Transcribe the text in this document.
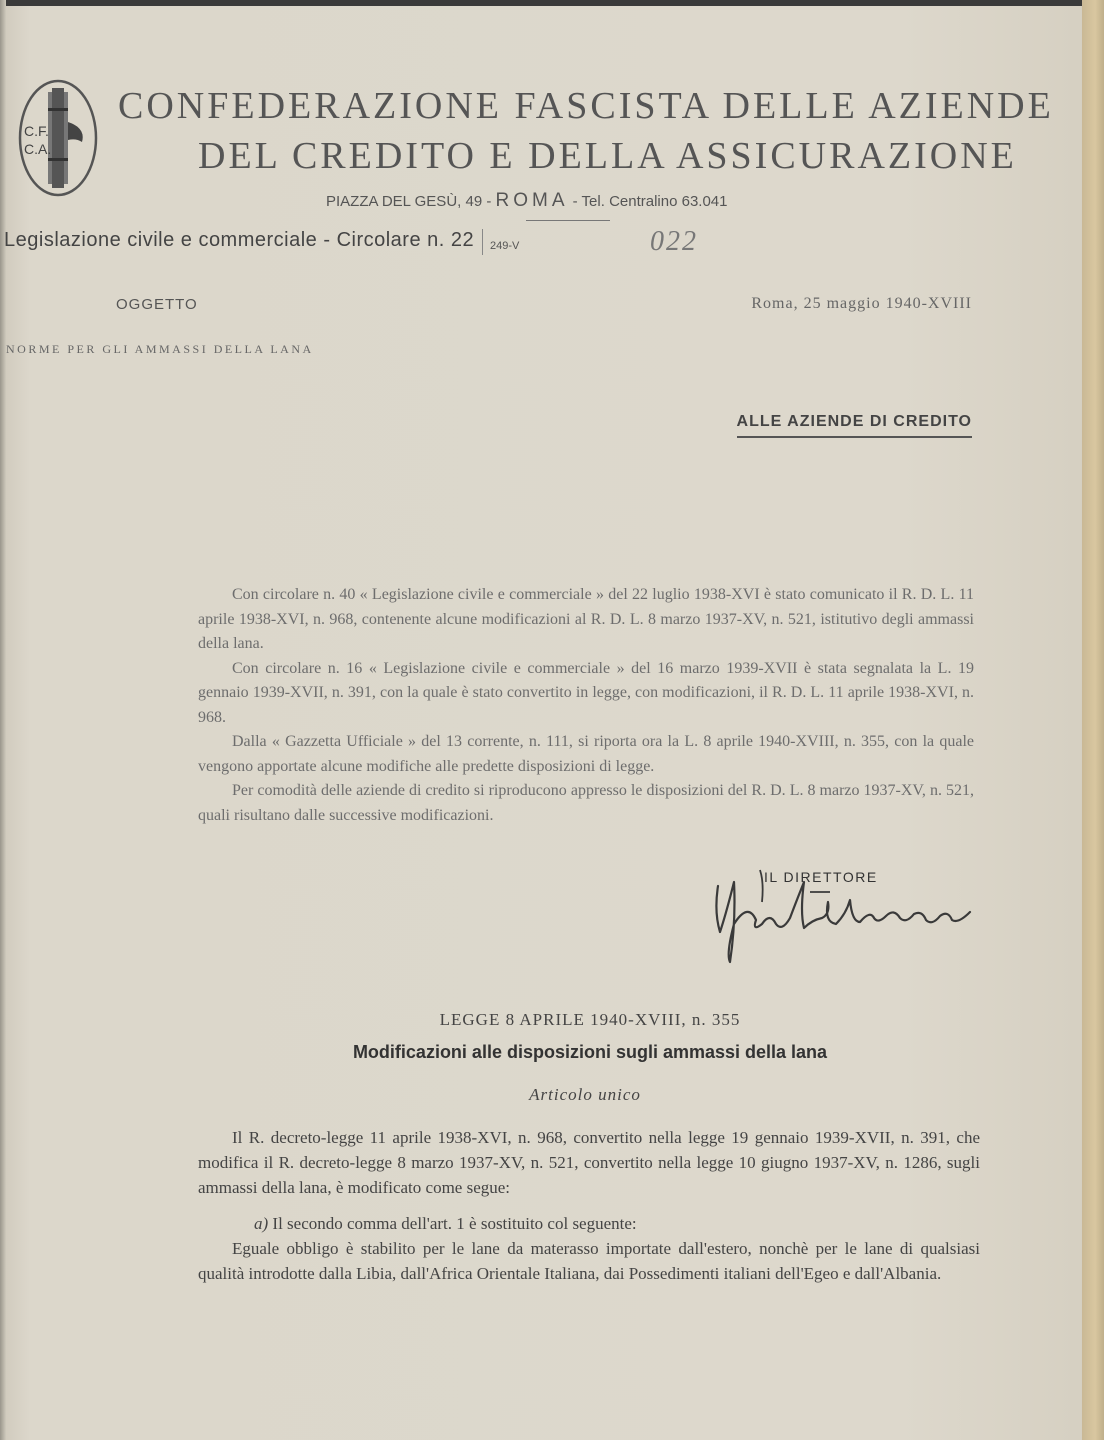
C.F.
C.A.
CONFEDERAZIONE FASCISTA DELLE AZIENDE
DEL CREDITO E DELLA ASSICURAZIONE
PIAZZA DEL GESÙ, 49 - ROMA - Tel. Centralino 63.041
Legislazione civile e commerciale - Circolare n. 22 249-V	022
OGGETTO	Roma, 25 maggio 1940-XVIII
NORME PER GLI AMMASSI DELLA LANA
ALLE AZIENDE DI CREDITO

Con circolare n. 40 « Legislazione civile e commerciale » del 22 luglio 1938-XVI è stato comunicato il R. D. L. 11 aprile 1938-XVI, n. 968, contenente alcune modificazioni al R. D. L. 8 marzo 1937-XV, n. 521, istitutivo degli ammassi della lana.

Con circolare n. 16 « Legislazione civile e commerciale » del 16 marzo 1939-XVII è stata segnalata la L. 19 gennaio 1939-XVII, n. 391, con la quale è stato convertito in legge, con modificazioni, il R. D. L. 11 aprile 1938-XVI, n. 968.

Dalla « Gazzetta Ufficiale » del 13 corrente, n. 111, si riporta ora la L. 8 aprile 1940-XVIII, n. 355, con la quale vengono apportate alcune modifiche alle predette disposizioni di legge.

Per comodità delle aziende di credito si riproducono appresso le disposizioni del R. D. L. 8 marzo 1937-XV, n. 521, quali risultano dalle successive modificazioni.

IL DIRETTORE
LEGGE 8 APRILE 1940-XVIII, n. 355
Modificazioni alle disposizioni sugli ammassi della lana
Articolo unico

Il R. decreto-legge 11 aprile 1938-XVI, n. 968, convertito nella legge 19 gennaio 1939-XVII, n. 391, che modifica il R. decreto-legge 8 marzo 1937-XV, n. 521, convertito nella legge 10 giugno 1937-XV, n. 1286, sugli ammassi della lana, è modificato come segue:

a) Il secondo comma dell'art. 1 è sostituito col seguente:

Eguale obbligo è stabilito per le lane da materasso importate dall'estero, nonchè per le lane di qualsiasi qualità introdotte dalla Libia, dall'Africa Orientale Italiana, dai Possedimenti italiani dell'Egeo e dall'Albania.
